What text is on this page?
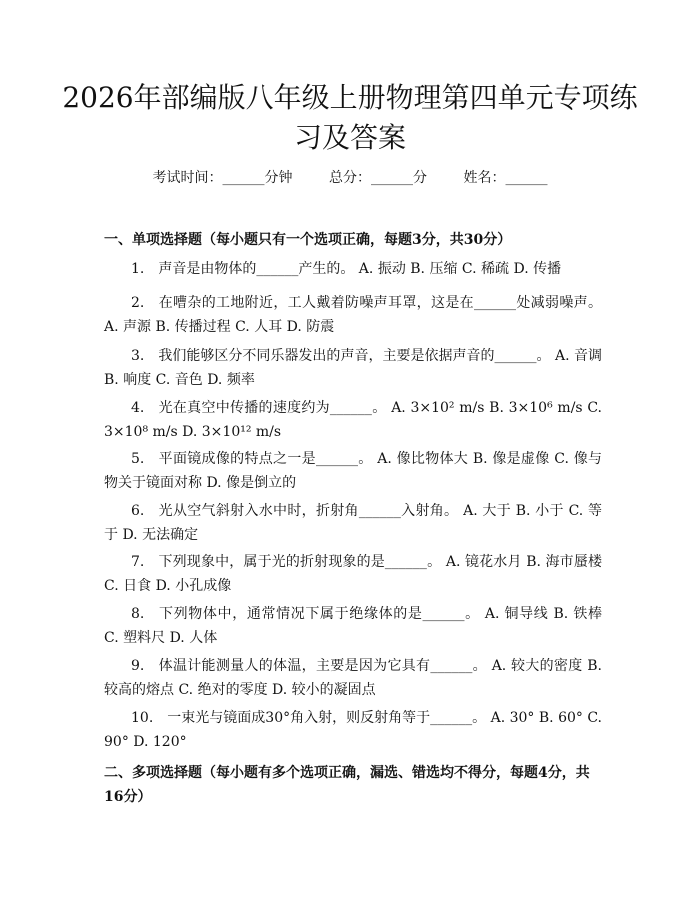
2026年部编版八年级上册物理第四单元专项练习及答案
考试时间：______分钟	总分：______分	姓名：______

一、单项选择题（每小题只有一个选项正确，每题3分，共30分）

1. 声音是由物体的______产生的。 A. 振动 B. 压缩 C. 稀疏 D. 传播

2. 在嘈杂的工地附近，工人戴着防噪声耳罩，这是在______处减弱噪声。 A. 声源 B. 传播过程 C. 人耳 D. 防震

3. 我们能够区分不同乐器发出的声音，主要是依据声音的______。 A. 音调 B. 响度 C. 音色 D. 频率

4. 光在真空中传播的速度约为______。 A. 3×10² m/s B. 3×10⁶ m/s C. 3×10⁸ m/s D. 3×10¹² m/s

5. 平面镜成像的特点之一是______。 A. 像比物体大 B. 像是虚像 C. 像与物关于镜面对称 D. 像是倒立的

6. 光从空气斜射入水中时，折射角______入射角。 A. 大于 B. 小于 C. 等于 D. 无法确定

7. 下列现象中，属于光的折射现象的是______。 A. 镜花水月 B. 海市蜃楼 C. 日食 D. 小孔成像

8. 下列物体中，通常情况下属于绝缘体的是______。 A. 铜导线 B. 铁棒 C. 塑料尺 D. 人体

9. 体温计能测量人的体温，主要是因为它具有______。 A. 较大的密度 B. 较高的熔点 C. 绝对的零度 D. 较小的凝固点

10. 一束光与镜面成30°角入射，则反射角等于______。 A. 30° B. 60° C. 90° D. 120°

二、多项选择题（每小题有多个选项正确，漏选、错选均不得分，每题4分，共16分）
